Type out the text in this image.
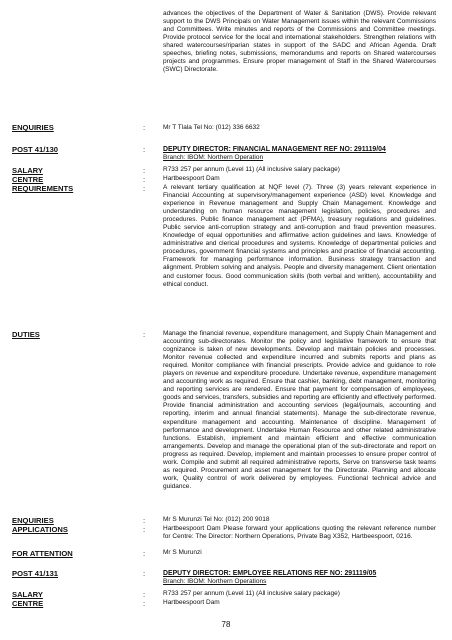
advances the objectives of the Department of Water & Sanitation (DWS). Provide relevant support to the DWS Principals on Water Management issues within the relevant Commissions and Committees. Write minutes and reports of the Commissions and Committee meetings. Provide protocol service for the local and international stakeholders. Strengthen relations with shared watercourses/riparian states in support of the SADC and African Agenda. Draft speeches, briefing notes, submissions, memorandums and reports on Shared watercourses projects and programmes. Ensure proper management of Staff in the Shared Watercourses (SWC) Directorate.
ENQUIRIES	:	Mr T Tlala Tel No: (012) 336 6632
POST 41/130	:	DEPUTY DIRECTOR: FINANCIAL MANAGEMENT REF NO: 291119/04
Branch: IBOM: Northern Operation
SALARY	:	R733 257 per annum (Level 11) (All inclusive salary package)
CENTRE	:	Hartbeespoort Dam
REQUIREMENTS	:	A relevant tertiary qualification at NQF level (7). Three (3) years relevant experience in Financial Accounting at supervisory/management experience (ASD) level. Knowledge and experience in Revenue management and Supply Chain Management. Knowledge and understanding on human resource management legislation, policies, procedures and procedures. Public finance management act (PFMA), treasury regulations and guidelines. Public service anti-corruption strategy and anti-corruption and fraud prevention measures. Knowledge of equal opportunities and affirmative action guidelines and laws. Knowledge of administrative and clerical procedures and systems. Knowledge of departmental policies and procedures, government financial systems and principles and practice of financial accounting. Framework for managing performance information. Business strategy transaction and alignment. Problem solving and analysis. People and diversity management. Client orientation and customer focus. Good communication skills (both verbal and written), accountability and ethical conduct.
DUTIES	:	Manage the financial revenue, expenditure management, and Supply Chain Management and accounting sub-directorates. Monitor the policy and legislative framework to ensure that cognizance is taken of new developments. Develop and maintain policies and processes. Monitor revenue collected and expenditure incurred and submits reports and plans as required. Monitor compliance with financial prescripts. Provide advice and guidance to role players on revenue and expenditure procedure. Undertake revenue, expenditure management and accounting work as required. Ensure that cashier, banking, debt management, monitoring and reporting services are rendered. Ensure that payment for compensation of employees, goods and services, transfers, subsidies and reporting are efficiently and effectively performed. Provide financial administration and accounting services (legal/journals, accounting and reporting, interim and annual financial statements). Manage the sub-directorate revenue, expenditure management and accounting. Maintenance of discipline. Management of performance and development. Undertake Human Resource and other related administrative functions. Establish, implement and maintain efficient and effective communication arrangements. Develop and manage the operational plan of the sub-directorate and report on progress as required. Develop, implement and maintain processes to ensure proper control of work. Compile and submit all required administrative reports, Serve on transverse task teams as required. Procurement and asset management for the Directorate. Planning and allocate work, Quality control of work delivered by employees. Functional technical advice and guidance.
ENQUIRIES	:	Mr S Murunzi Tel No: (012) 200 9018
APPLICATIONS	:	Hartbeespoort Dam Please forward your applications quoting the relevant reference number for Centre: The Director: Northern Operations, Private Bag X352, Hartbeespoort, 0216.
FOR ATTENTION	:	Mr S Murunzi
POST 41/131	:	DEPUTY DIRECTOR: EMPLOYEE RELATIONS REF NO: 291119/05
Branch: IBOM: Northern Operations
SALARY	:	R733 257 per annum (Level 11) (All inclusive salary package)
CENTRE	:	Hartbeespoort Dam
78
